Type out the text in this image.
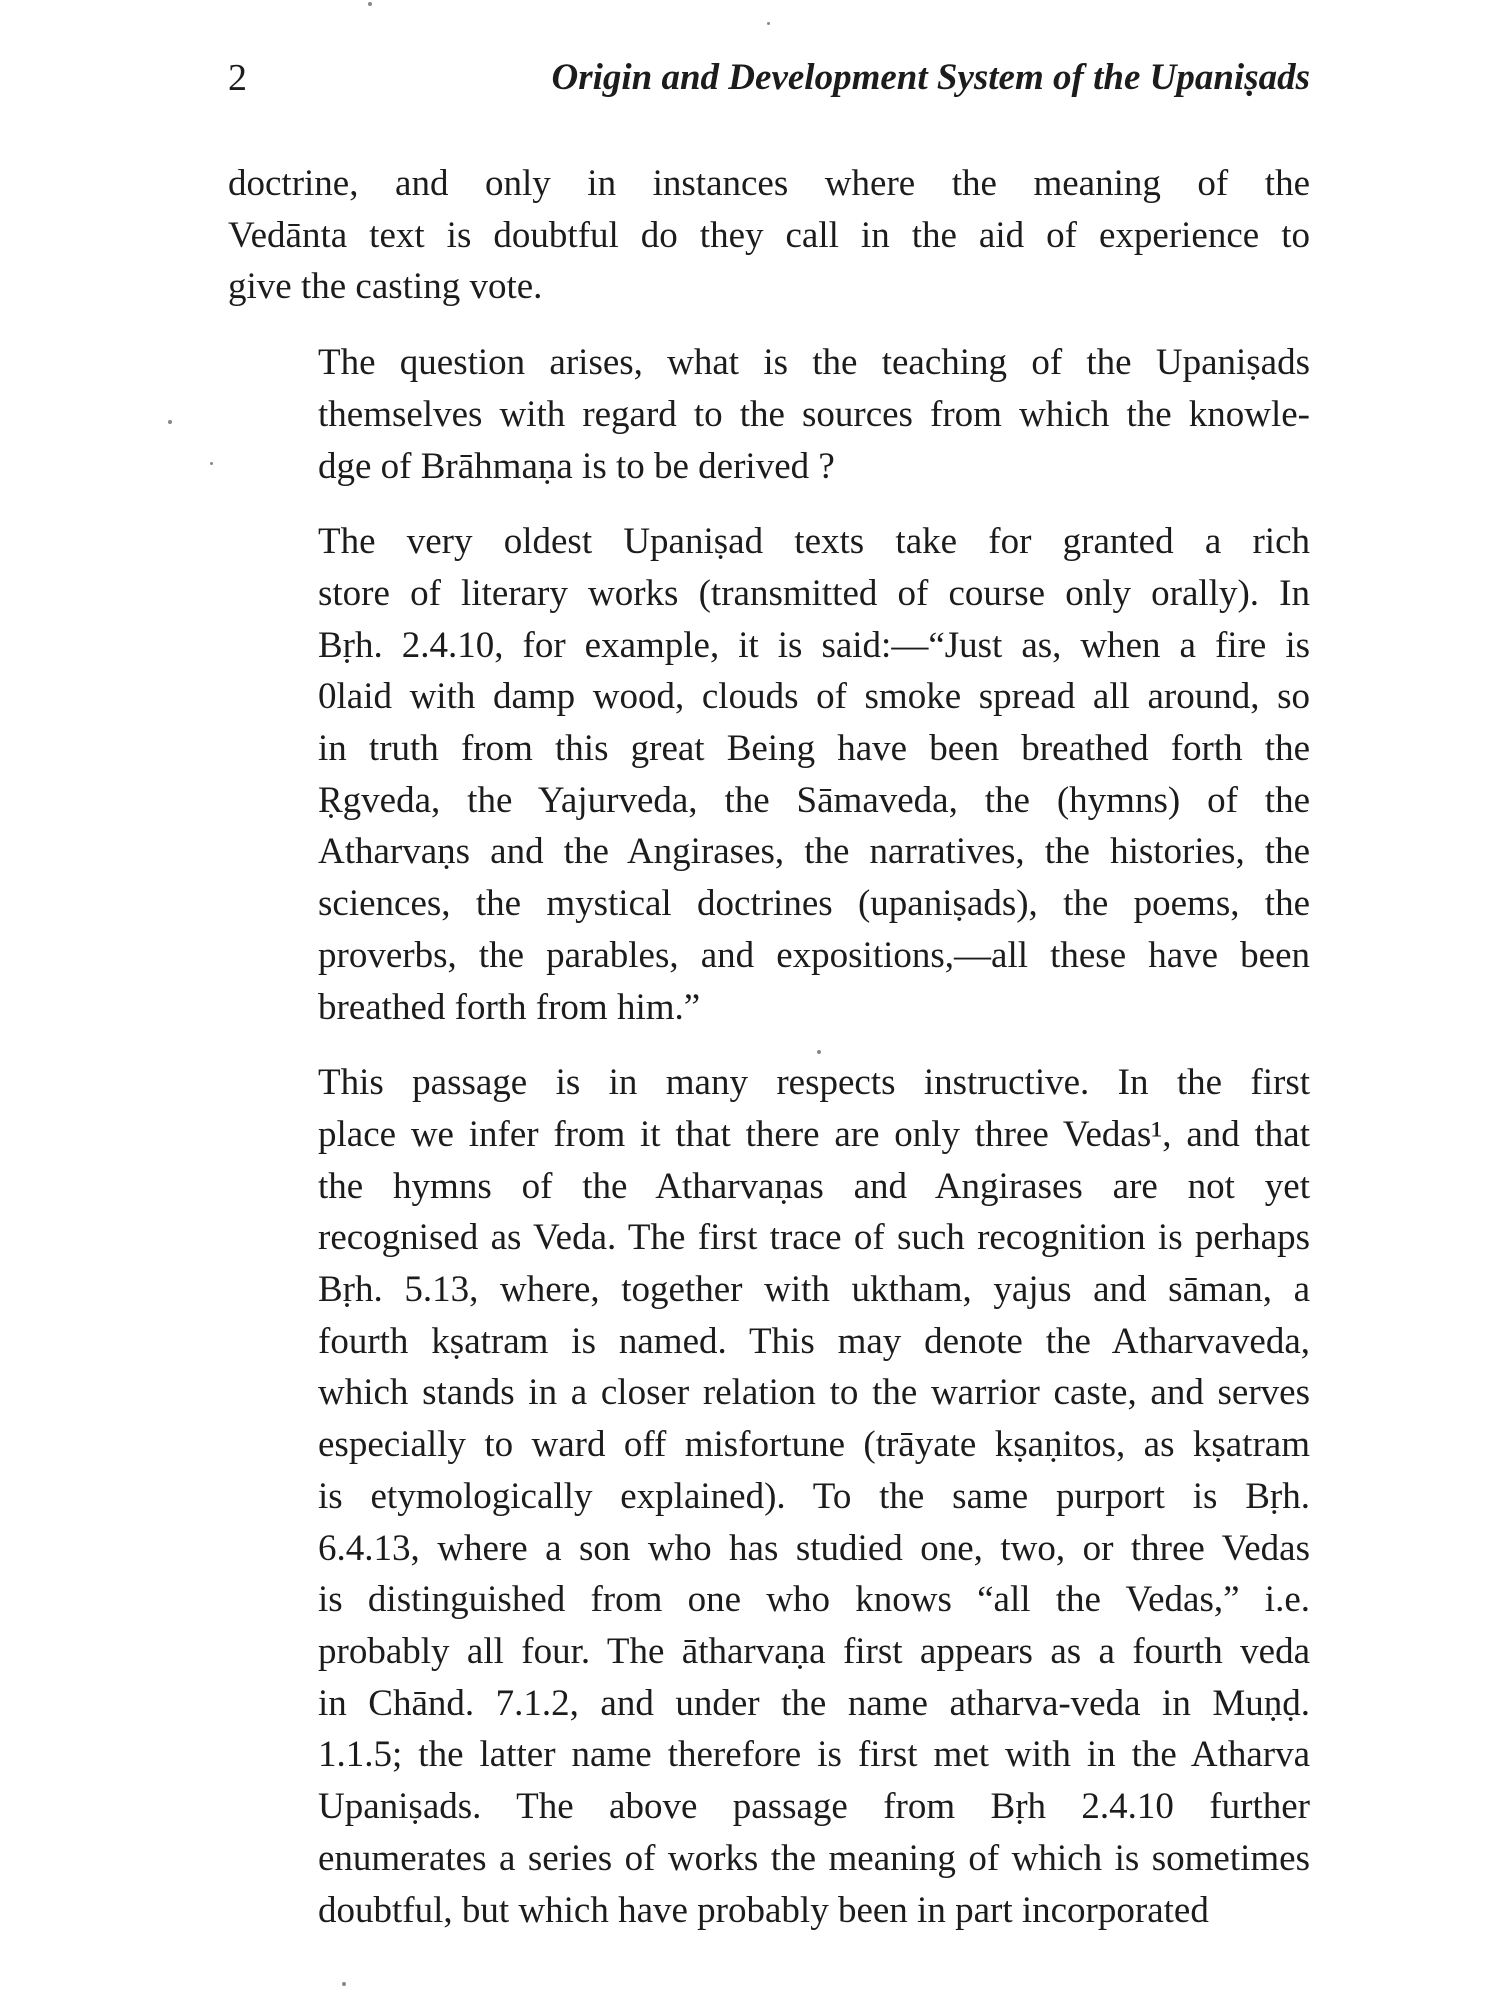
2	Origin and Development System of the Upaniṣads

doctrine, and only in instances where the meaning of the
Vedānta text is doubtful do they call in the aid of experience to
give the casting vote.

The question arises, what is the teaching of the Upaniṣads
themselves with regard to the sources from which the knowle-
dge of Brāhmaṇa is to be derived ?

The very oldest Upaniṣad texts take for granted a rich
store of literary works (transmitted of course only orally). In
Bṛh. 2.4.10, for example, it is said:—“Just as, when a fire is
0laid with damp wood, clouds of smoke spread all around, so
in truth from this great Being have been breathed forth the
Ṛgveda, the Yajurveda, the Sāmaveda, the (hymns) of the
Atharvaṇs and the Angirases, the narratives, the histories, the
sciences, the mystical doctrines (upaniṣads), the poems, the
proverbs, the parables, and expositions,—all these have been
breathed forth from him.”

This passage is in many respects instructive. In the first
place we infer from it that there are only three Vedas¹, and that
the hymns of the Atharvaṇas and Angirases are not yet
recognised as Veda. The first trace of such recognition is perhaps
Bṛh. 5.13, where, together with uktham, yajus and sāman, a
fourth kṣatram is named. This may denote the Atharvaveda,
which stands in a closer relation to the warrior caste, and serves
especially to ward off misfortune (trāyate kṣaṇitos, as kṣatram
is etymologically explained). To the same purport is Bṛh.
6.4.13, where a son who has studied one, two, or three Vedas
is distinguished from one who knows “all the Vedas,” i.e.
probably all four. The ātharvaṇa first appears as a fourth veda
in Chānd. 7.1.2, and under the name atharva-veda in Muṇḍ.
1.1.5; the latter name therefore is first met with in the Atharva
Upaniṣads. The above passage from Bṛh 2.4.10 further
enumerates a series of works the meaning of which is sometimes
doubtful, but which have probably been in part incorporated
